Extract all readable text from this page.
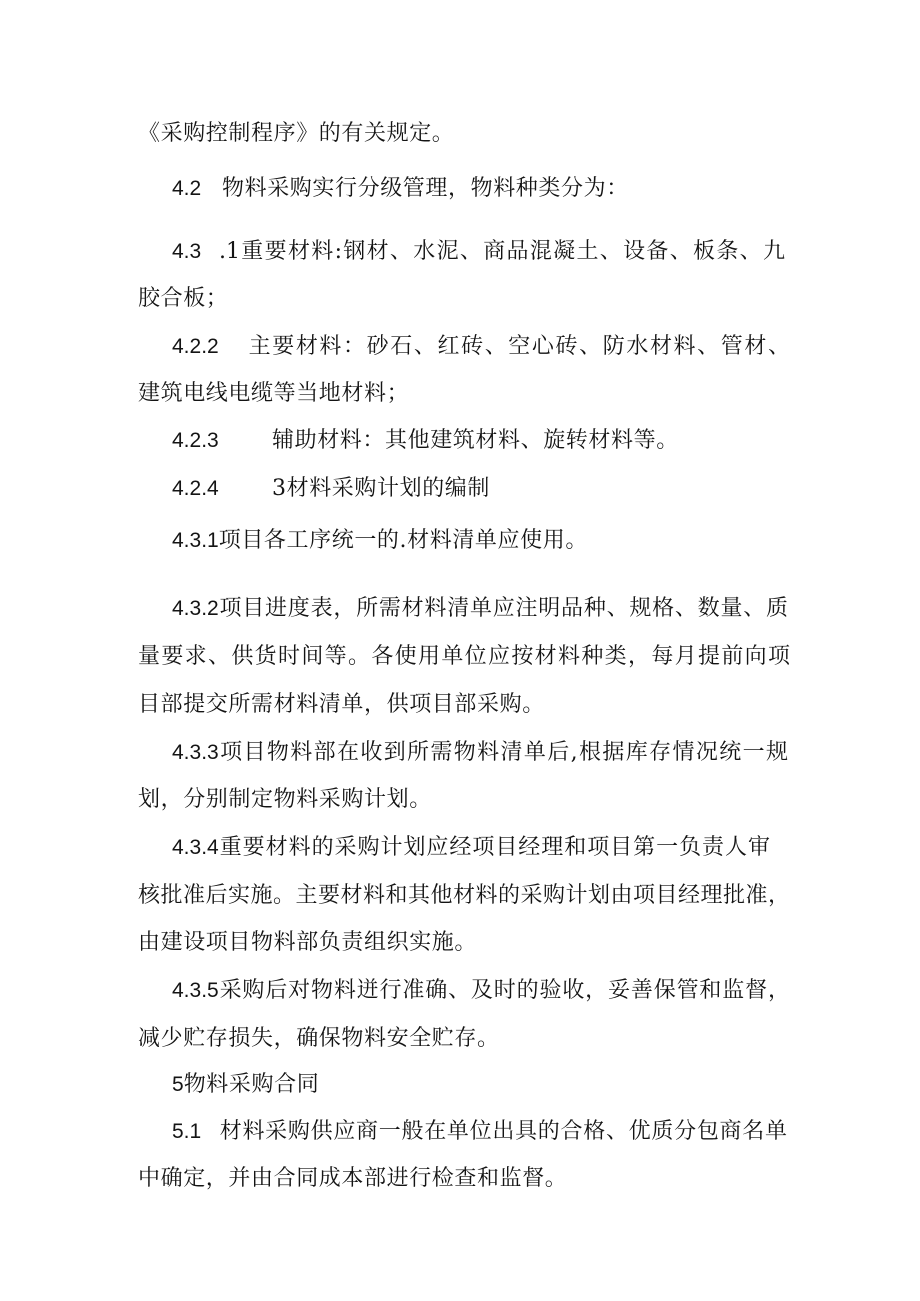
《采购控制程序》的有关规定。
4.2 物料采购实行分级管理，物料种类分为：
4.3 .1重要材料:钢材、水泥、商品混凝土、设备、板条、九
胶合板；
4.2.2 主要材料：砂石、红砖、空心砖、防水材料、管材、
建筑电线电缆等当地材料；
4.2.3 辅助材料：其他建筑材料、旋转材料等。
4.2.4 3材料采购计划的编制
4.3.1项目各工序统一的.材料清单应使用。
4.3.2项目进度表，所需材料清单应注明品种、规格、数量、质
量要求、供货时间等。各使用单位应按材料种类，每月提前向项
目部提交所需材料清单，供项目部采购。
4.3.3项目物料部在收到所需物料清单后,根据库存情况统一规
划，分别制定物料采购计划。
4.3.4重要材料的采购计划应经项目经理和项目第一负责人审
核批准后实施。主要材料和其他材料的采购计划由项目经理批准，
由建设项目物料部负责组织实施。
4.3.5采购后对物料迸行准确、及时的验收，妥善保管和监督，
减少贮存损失，确保物料安全贮存。
5物料采购合同
5.1 材料采购供应商一般在单位出具的合格、优质分包商名单
中确定，并由合同成本部进行检查和监督。
